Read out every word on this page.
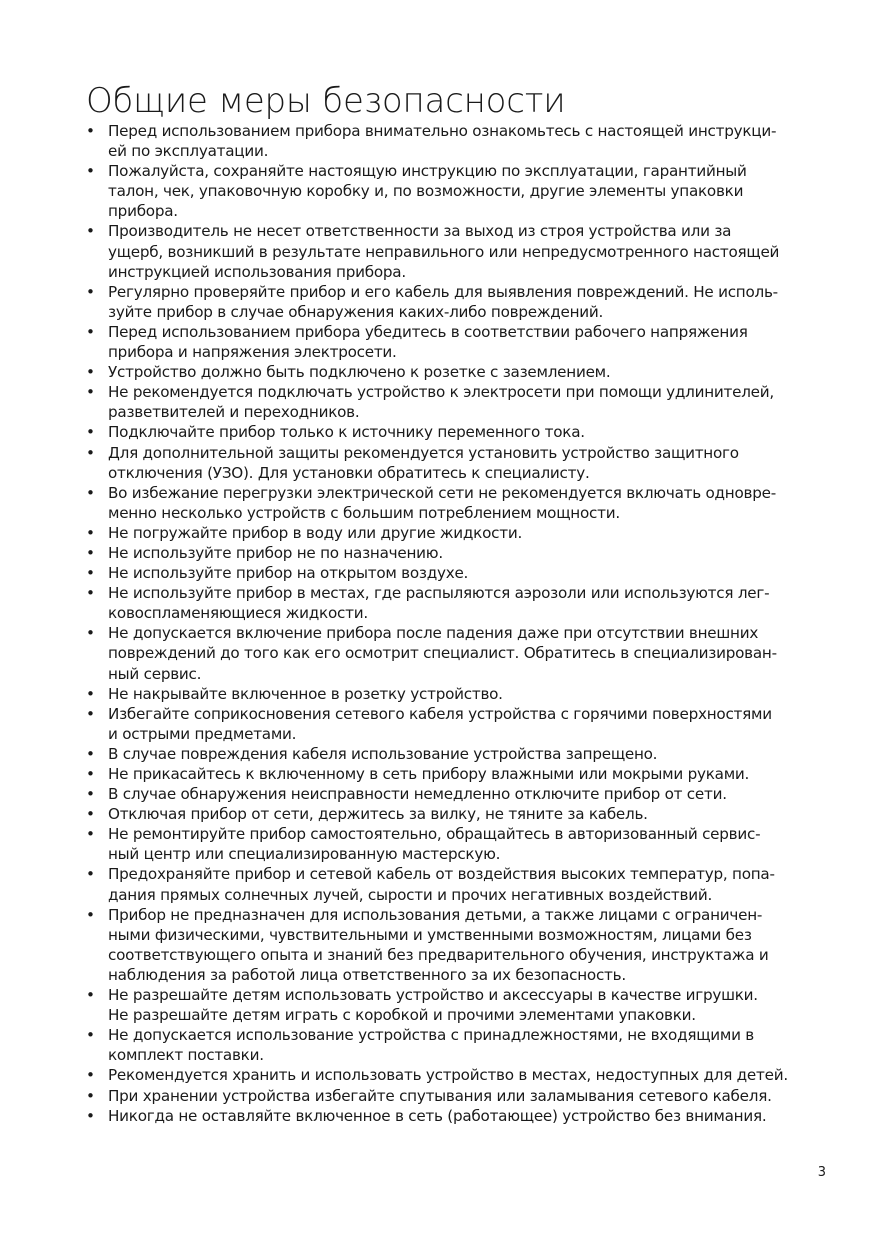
Общие меры безопасности
• Перед использованием прибора внимательно ознакомьтесь с настоящей инструкци-
ей по эксплуатации.
• Пожалуйста, сохраняйте настоящую инструкцию по эксплуатации, гарантийный
талон, чек, упаковочную коробку и, по возможности, другие элементы упаковки
прибора.
• Производитель не несет ответственности за выход из строя устройства или за
ущерб, возникший в результате неправильного или непредусмотренного настоящей
инструкцией использования прибора.
• Регулярно проверяйте прибор и его кабель для выявления повреждений. Не исполь-
зуйте прибор в случае обнаружения каких-либо повреждений.
• Перед использованием прибора убедитесь в соответствии рабочего напряжения
прибора и напряжения электросети.
• Устройство должно быть подключено к розетке с заземлением.
• Не рекомендуется подключать устройство к электросети при помощи удлинителей,
разветвителей и переходников.
• Подключайте прибор только к источнику переменного тока.
• Для дополнительной защиты рекомендуется установить устройство защитного
отключения (УЗО). Для установки обратитесь к специалисту.
• Во избежание перегрузки электрической сети не рекомендуется включать одновре-
менно несколько устройств с большим потреблением мощности.
• Не погружайте прибор в воду или другие жидкости.
• Не используйте прибор не по назначению.
• Не используйте прибор на открытом воздухе.
• Не используйте прибор в местах, где распыляются аэрозоли или используются лег-
ковоспламеняющиеся жидкости.
• Не допускается включение прибора после падения даже при отсутствии внешних
повреждений до того как его осмотрит специалист. Обратитесь в специализирован-
ный сервис.
• Не накрывайте включенное в розетку устройство.
• Избегайте соприкосновения сетевого кабеля устройства с горячими поверхностями
и острыми предметами.
• В случае повреждения кабеля использование устройства запрещено.
• Не прикасайтесь к включенному в сеть прибору влажными или мокрыми руками.
• В случае обнаружения неисправности немедленно отключите прибор от сети.
• Отключая прибор от сети, держитесь за вилку, не тяните за кабель.
• Не ремонтируйте прибор самостоятельно, обращайтесь в авторизованный сервис-
ный центр или специализированную мастерскую.
• Предохраняйте прибор и сетевой кабель от воздействия высоких температур, попа-
дания прямых солнечных лучей, сырости и прочих негативных воздействий.
• Прибор не предназначен для использования детьми, а также лицами с ограничен-
ными физическими, чувствительными и умственными возможностям, лицами без
соответствующего опыта и знаний без предварительного обучения, инструктажа и
наблюдения за работой лица ответственного за их безопасность.
• Не разрешайте детям использовать устройство и аксессуары в качестве игрушки.
Не разрешайте детям играть с коробкой и прочими элементами упаковки.
• Не допускается использование устройства с принадлежностями, не входящими в
комплект поставки.
• Рекомендуется хранить и использовать устройство в местах, недоступных для детей.
• При хранении устройства избегайте спутывания или заламывания сетевого кабеля.
• Никогда не оставляйте включенное в сеть (работающее) устройство без внимания.
3
